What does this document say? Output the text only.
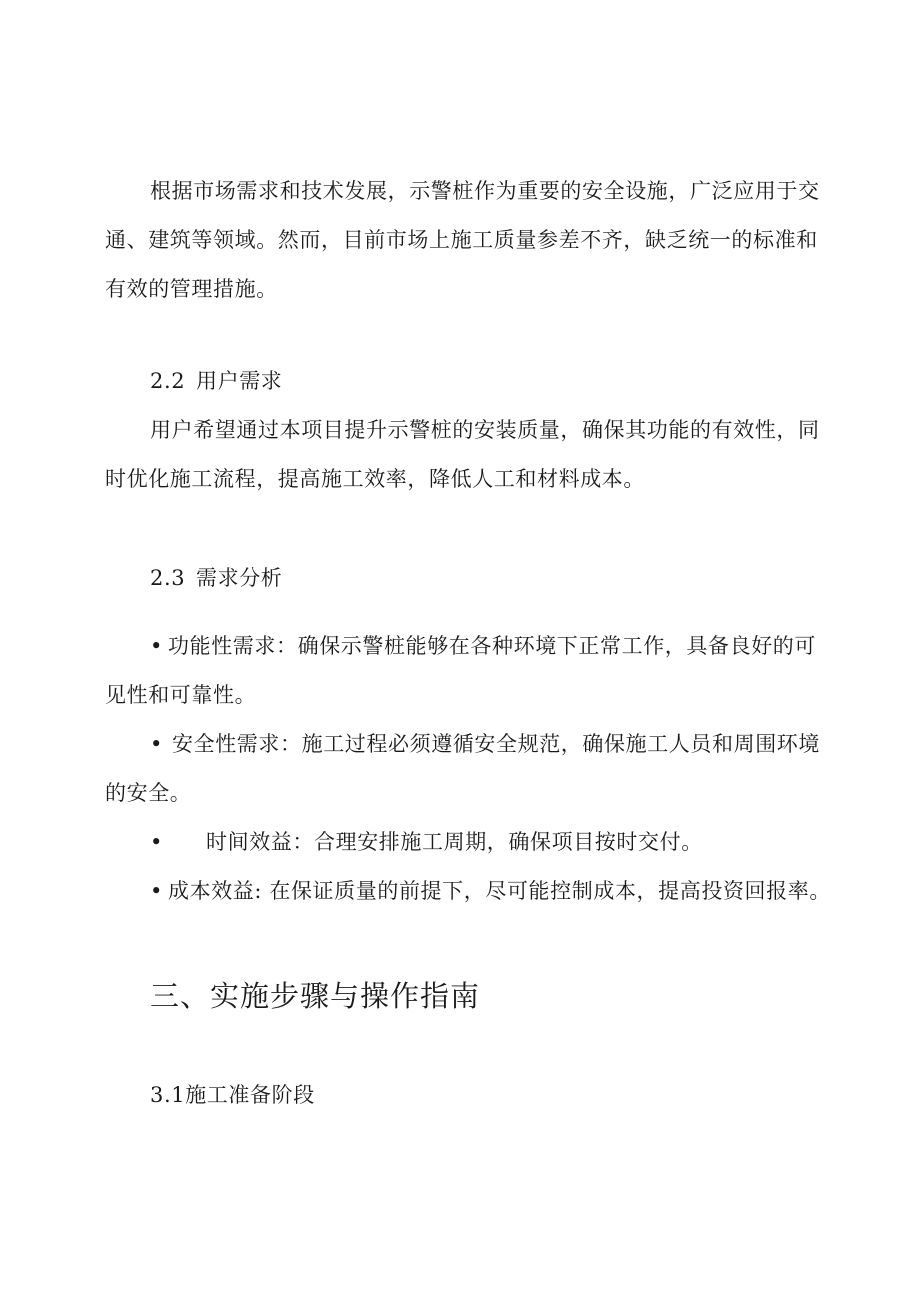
根据市场需求和技术发展，示警桩作为重要的安全设施，广泛应用于交
通、建筑等领域。然而，目前市场上施工质量参差不齐，缺乏统一的标准和
有效的管理措施。
2.2 用户需求
用户希望通过本项目提升示警桩的安装质量，确保其功能的有效性，同
时优化施工流程，提高施工效率，降低人工和材料成本。
2.3 需求分析
• 功能性需求：确保示警桩能够在各种环境下正常工作，具备良好的可
见性和可靠性。
• 安全性需求：施工过程必须遵循安全规范，确保施工人员和周围环境
的安全。
• 时间效益：合理安排施工周期，确保项目按时交付。
• 成本效益: 在保证质量的前提下，尽可能控制成本，提高投资回报率。
三、实施步骤与操作指南
3.1施工准备阶段
